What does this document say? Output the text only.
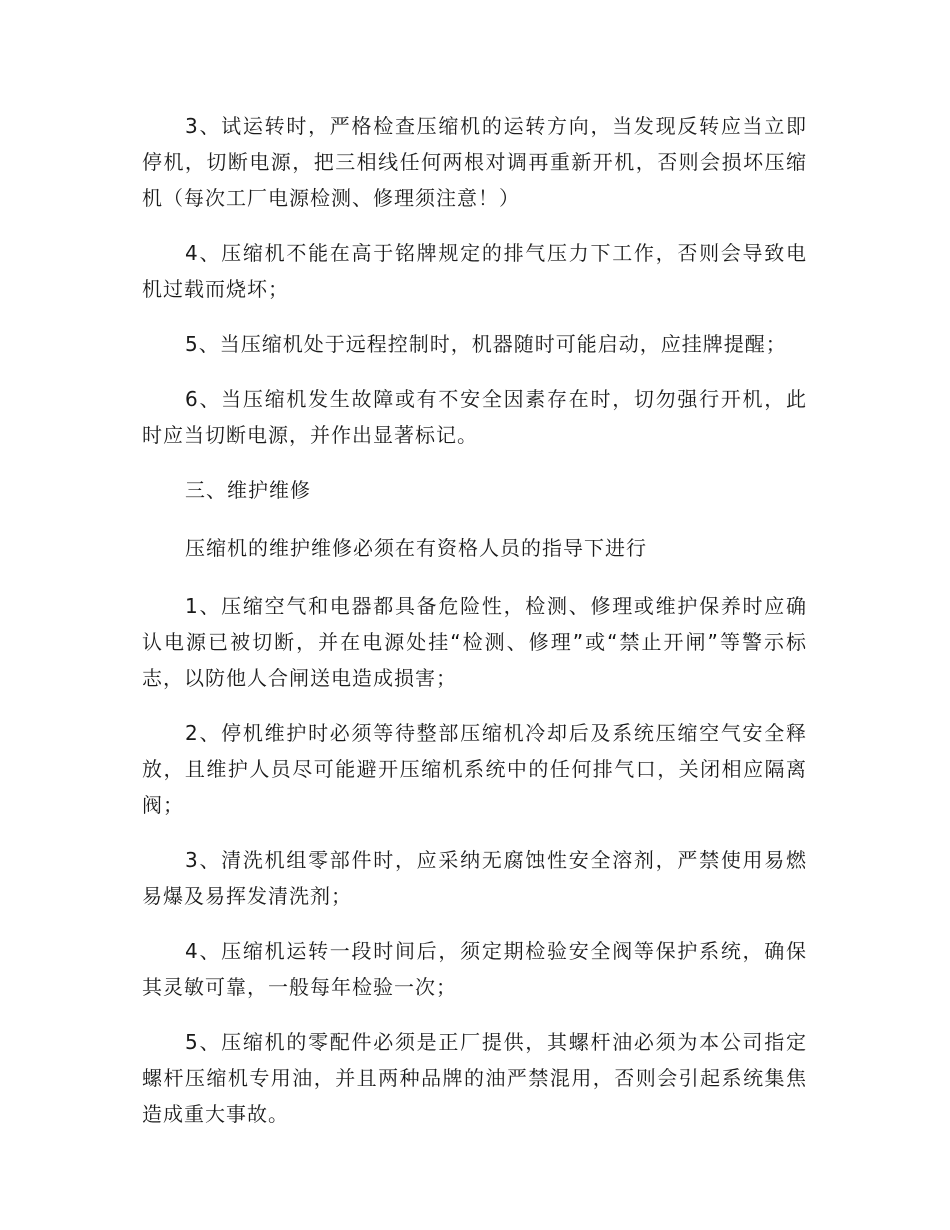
3、试运转时，严格检查压缩机的运转方向，当发现反转应当立即停机，切断电源，把三相线任何两根对调再重新开机，否则会损坏压缩机（每次工厂电源检测、修理须注意！）

4、压缩机不能在高于铭牌规定的排气压力下工作，否则会导致电机过载而烧坏；

5、当压缩机处于远程控制时，机器随时可能启动，应挂牌提醒；

6、当压缩机发生故障或有不安全因素存在时，切勿强行开机，此时应当切断电源，并作出显著标记。

三、维护维修

压缩机的维护维修必须在有资格人员的指导下进行

1、压缩空气和电器都具备危险性，检测、修理或维护保养时应确认电源已被切断，并在电源处挂“检测、修理”或“禁止开闸”等警示标志，以防他人合闸送电造成损害；

2、停机维护时必须等待整部压缩机冷却后及系统压缩空气安全释放，且维护人员尽可能避开压缩机系统中的任何排气口，关闭相应隔离阀；

3、清洗机组零部件时，应采纳无腐蚀性安全溶剂，严禁使用易燃易爆及易挥发清洗剂；

4、压缩机运转一段时间后，须定期检验安全阀等保护系统，确保其灵敏可靠，一般每年检验一次；

5、压缩机的零配件必须是正厂提供，其螺杆油必须为本公司指定螺杆压缩机专用油，并且两种品牌的油严禁混用，否则会引起系统集焦造成重大事故。
